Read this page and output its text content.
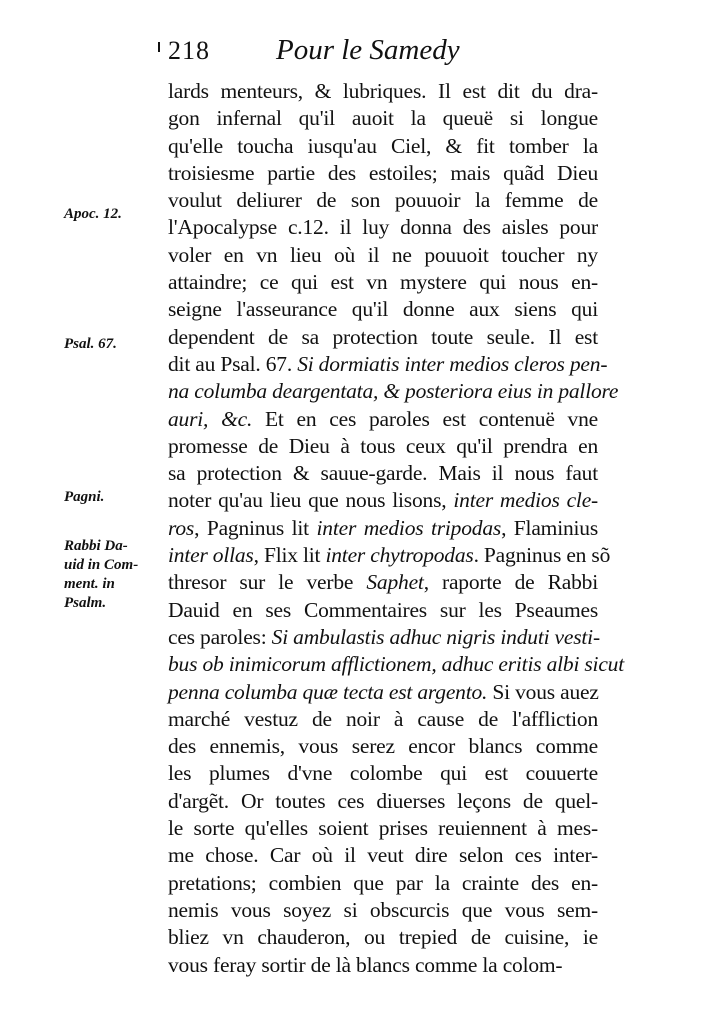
218 Pour le Samedy
Apoc. 12.
Psal. 67.
Pagni.
Rabbi Da-
uid in Com-
ment. in
Psalm.
lards menteurs, & lubriques. Il est dit du dra-
gon infernal qu'il auoit la queuë si longue
qu'elle toucha iusqu'au Ciel, & fit tomber la
troisiesme partie des estoiles; mais quãd Dieu
voulut deliurer de son pouuoir la femme de
l'Apocalypse c.12. il luy donna des aisles pour
voler en vn lieu où il ne pouuoit toucher ny
attaindre; ce qui est vn mystere qui nous en-
seigne l'asseurance qu'il donne aux siens qui
dependent de sa protection toute seule. Il est
dit au Psal. 67. Si dormiatis inter medios cleros pen-
na columba deargentata, & posteriora eius in pallore
auri, &c. Et en ces paroles est contenuë vne
promesse de Dieu à tous ceux qu'il prendra en
sa protection & sauue-garde. Mais il nous faut
noter qu'au lieu que nous lisons, inter medios cle-
ros, Pagninus lit inter medios tripodas, Flaminius
inter ollas, Flix lit inter chytropodas. Pagninus en sõ
thresor sur le verbe Saphet, raporte de Rabbi
Dauid en ses Commentaires sur les Pseaumes
ces paroles: Si ambulastis adhuc nigris induti vesti-
bus ob inimicorum afflictionem, adhuc eritis albi sicut
penna columba quæ tecta est argento. Si vous auez
marché vestuz de noir à cause de l'affliction
des ennemis, vous serez encor blancs comme
les plumes d'vne colombe qui est couuerte
d'argẽt. Or toutes ces diuerses leçons de quel-
le sorte qu'elles soient prises reuiennent à mes-
me chose. Car où il veut dire selon ces inter-
pretations; combien que par la crainte des en-
nemis vous soyez si obscurcis que vous sem-
bliez vn chauderon, ou trepied de cuisine, ie
vous feray sortir de là blancs comme la colom-
